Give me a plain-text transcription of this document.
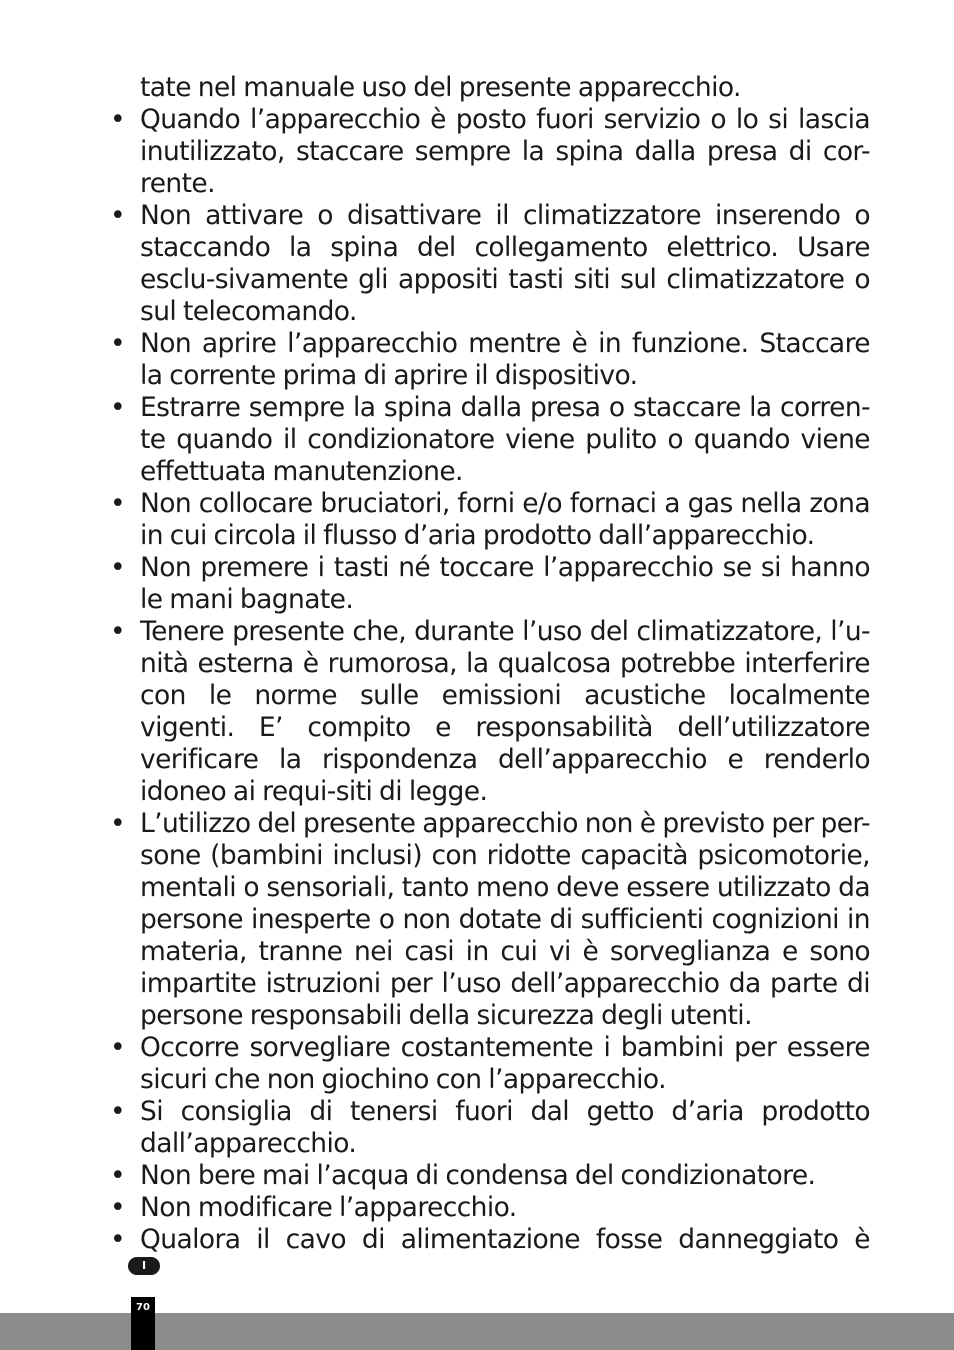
tate nel manuale uso del presente apparecchio.

• Quando l’apparecchio è posto fuori servizio o lo si lascia inutilizzato, staccare sempre la spina dalla presa di cor-rente.
• Non attivare o disattivare il climatizzatore inserendo o staccando la spina del collegamento elettrico. Usare esclu-sivamente gli appositi tasti siti sul climatizzatore o sul telecomando.
• Non aprire l’apparecchio mentre è in funzione. Staccare la corrente prima di aprire il dispositivo.
• Estrarre sempre la spina dalla presa o staccare la corren-te quando il condizionatore viene pulito o quando viene effettuata manutenzione.
• Non collocare bruciatori, forni e/o fornaci a gas nella zona in cui circola il flusso d’aria prodotto dall’apparecchio.
• Non premere i tasti né toccare l’apparecchio se si hanno le mani bagnate.
• Tenere presente che, durante l’uso del climatizzatore, l’u-nità esterna è rumorosa, la qualcosa potrebbe interferire con le norme sulle emissioni acustiche localmente vigenti. E’ compito e responsabilità dell’utilizzatore verificare la rispondenza dell’apparecchio e renderlo idoneo ai requi-siti di legge.
• L’utilizzo del presente apparecchio non è previsto per per-sone (bambini inclusi) con ridotte capacità psicomotorie, mentali o sensoriali, tanto meno deve essere utilizzato da persone inesperte o non dotate di sufficienti cognizioni in materia, tranne nei casi in cui vi è sorveglianza e sono impartite istruzioni per l’uso dell’apparecchio da parte di persone responsabili della sicurezza degli utenti.
• Occorre sorvegliare costantemente i bambini per essere sicuri che non giochino con l’apparecchio.
• Si consiglia di tenersi fuori dal getto d’aria prodotto dall’apparecchio.
• Non bere mai l’acqua di condensa del condizionatore.
• Non modificare l’apparecchio.
• Qualora il cavo di alimentazione fosse danneggiato è
I
70
